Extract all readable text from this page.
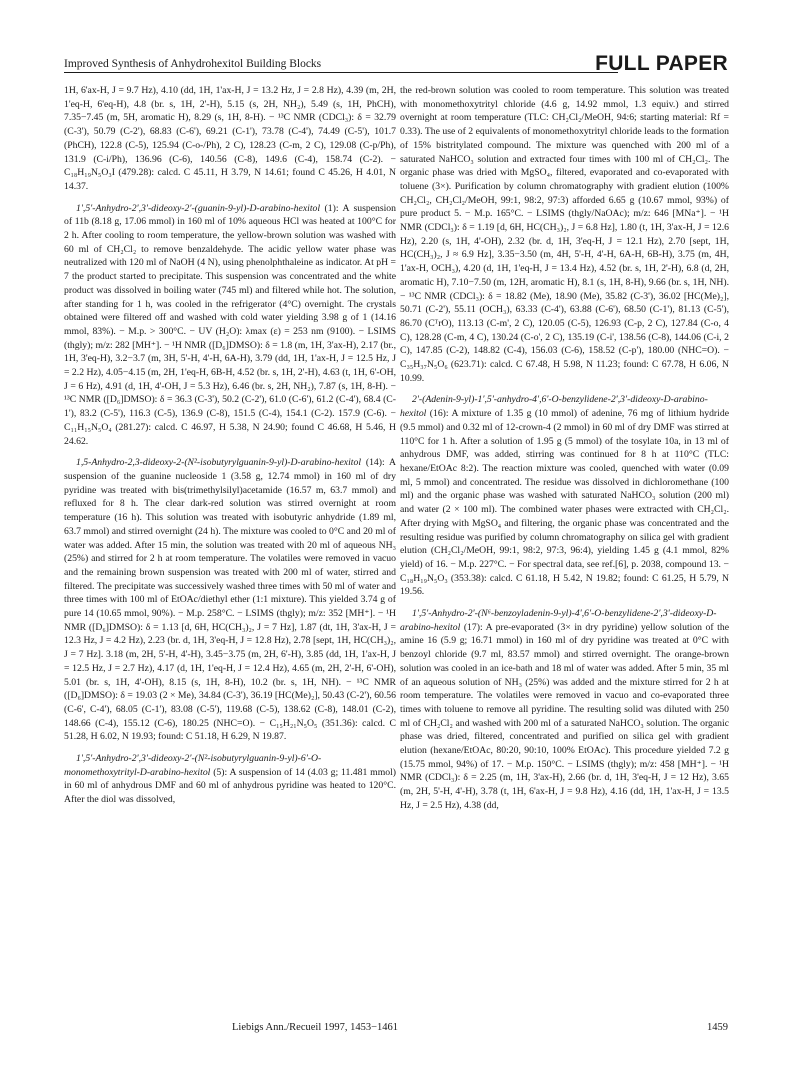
Improved Synthesis of Anhydrohexitol Building Blocks	FULL PAPER

1H, 6'ax-H, J = 9.7 Hz), 4.10 (dd, 1H, 1'ax-H, J = 13.2 Hz, J = 2.8 Hz), 4.39 (m, 2H, 1'eq-H, 6'eq-H), 4.8 (br. s, 1H, 2'-H), 5.15 (s, 2H, NH₂), 5.49 (s, 1H, PhCH), 7.35−7.45 (m, 5H, aromatic H), 8.29 (s, 1H, 8-H). − ¹³C NMR (CDCl₃): δ = 32.79 (C-3'), 50.79 (C-2'), 68.83 (C-6'), 69.21 (C-1'), 73.78 (C-4'), 74.49 (C-5'), 101.7 (PhCH), 122.8 (C-5), 125.94 (C-o-/Ph), 2 C), 128.23 (C-m, 2 C), 129.08 (C-p/Ph), 131.9 (C-i/Ph), 136.96 (C-6), 140.56 (C-8), 149.6 (C-4), 158.74 (C-2). − C₁₈H₁₉N₅O₃I (479.28): calcd. C 45.11, H 3.79, N 14.61; found C 45.26, H 4.01, N 14.37.

1',5'-Anhydro-2',3'-dideoxy-2'-(guanin-9-yl)-D-arabino-hexitol (1): A suspension of 11b (8.18 g, 17.06 mmol) in 160 ml of 10% aqueous HCl was heated at 100°C for 2 h. After cooling to room temperature, the yellow-brown solution was washed with 60 ml of CH₂Cl₂ to remove benzaldehyde. The acidic yellow water phase was neutralized with 120 ml of NaOH (4 N), using phenolphthaleine as indicator. At pH = 7 the product started to precipitate. This suspension was concentrated and the white product was dissolved in boiling water (745 ml) and filtered while hot. The solution, after standing for 1 h, was cooled in the refrigerator (4°C) overnight. The crystals obtained were filtered off and washed with cold water yielding 3.98 g of 1 (14.16 mmol, 83%). − M.p. > 300°C. − UV (H₂O): λmax (ε) = 253 nm (9100). − LSIMS (thgly); m/z: 282 [MH⁺]. − ¹H NMR ([D₆]DMSO): δ = 1.8 (m, 1H, 3'ax-H), 2.17 (br., 1H, 3'eq-H), 3.2−3.7 (m, 3H, 5'-H, 4'-H, 6A-H), 3.79 (dd, 1H, 1'ax-H, J = 12.5 Hz, J = 2.2 Hz), 4.05−4.15 (m, 2H, 1'eq-H, 6B-H, 4.52 (br. s, 1H, 2'-H), 4.63 (t, 1H, 6'-OH, J = 6 Hz), 4.91 (d, 1H, 4'-OH, J = 5.3 Hz), 6.46 (br. s, 2H, NH₂), 7.87 (s, 1H, 8-H). − ¹³C NMR ([D₆]DMSO): δ = 36.3 (C-3'), 50.2 (C-2'), 61.0 (C-6'), 61.2 (C-4'), 68.4 (C-1'), 83.2 (C-5'), 116.3 (C-5), 136.9 (C-8), 151.5 (C-4), 154.1 (C-2). 157.9 (C-6). − C₁₁H₁₅N₅O₄ (281.27): calcd. C 46.97, H 5.38, N 24.90; found C 46.68, H 5.46, H 24.62.

1,5-Anhydro-2,3-dideoxy-2-(N²-isobutyrylguanin-9-yl)-D-arabino-hexitol (14): A suspension of the guanine nucleoside 1 (3.58 g, 12.74 mmol) in 160 ml of dry pyridine was treated with bis(trimethylsilyl)acetamide (16.57 m, 63.7 mmol) and refluxed for 8 h. The clear dark-red solution was stirred overnight at room temperature (16 h). This solution was treated with isobutyric anhydride (1.89 ml, 63.7 mmol) and stirred overnight (24 h). The mixture was cooled to 0°C and 20 ml of water was added. After 15 min, the solution was treated with 20 ml of aqueous NH₃ (25%) and stirred for 2 h at room temperature. The volatiles were removed in vacuo and the remaining brown suspension was treated with 200 ml of water, stirred and filtered. The precipitate was successively washed three times with 50 ml of water and three times with 100 ml of EtOAc/diethyl ether (1:1 mixture). This yielded 3.74 g of pure 14 (10.65 mmol, 90%). − M.p. 258°C. − LSIMS (thgly); m/z: 352 [MH⁺]. − ¹H NMR ([D₆]DMSO): δ = 1.13 [d, 6H, HC(CH₃)₂, J = 7 Hz], 1.87 (dt, 1H, 3'ax-H, J = 12.3 Hz, J = 4.2 Hz), 2.23 (br. d, 1H, 3'eq-H, J = 12.8 Hz), 2.78 [sept, 1H, HC(CH₃)₂, J = 7 Hz]. 3.18 (m, 2H, 5'-H, 4'-H), 3.45−3.75 (m, 2H, 6'-H), 3.85 (dd, 1H, 1'ax-H, J = 12.5 Hz, J = 2.7 Hz), 4.17 (d, 1H, 1'eq-H, J = 12.4 Hz), 4.65 (m, 2H, 2'-H, 6'-OH), 5.01 (br. s, 1H, 4'-OH), 8.15 (s, 1H, 8-H), 10.2 (br. s, 1H, NH). − ¹³C NMR ([D₆]DMSO): δ = 19.03 (2 × Me), 34.84 (C-3'), 36.19 [HC(Me)₂], 50.43 (C-2'), 60.56 (C-6', C-4'), 68.05 (C-1'), 83.08 (C-5'), 119.68 (C-5), 138.62 (C-8), 148.01 (C-2), 148.66 (C-4), 155.12 (C-6), 180.25 (NHC=O). − C₁₅H₂₁N₅O₅ (351.36): calcd. C 51.28, H 6.02, N 19.93; found: C 51.18, H 6.29, N 19.87.

1',5'-Anhydro-2',3'-dideoxy-2'-(N²-isobutyrylguanin-9-yl)-6'-O-monomethoxytrityl-D-arabino-hexitol (5): A suspension of 14 (4.03 g; 11.481 mmol) in 60 ml of anhydrous DMF and 60 ml of anhydrous pyridine was heated to 120°C. After the diol was dissolved,

the red-brown solution was cooled to room temperature. This solution was treated with monomethoxytrityl chloride (4.6 g, 14.92 mmol, 1.3 equiv.) and stirred overnight at room temperature (TLC: CH₂Cl₂/MeOH, 94:6; starting material: Rf = 0.33). The use of 2 equivalents of monomethoxytrityl chloride leads to the formation of 15% bistritylated compound. The mixture was quenched with 200 ml of a saturated NaHCO₃ solution and extracted four times with 100 ml of CH₂Cl₂. The organic phase was dried with MgSO₄, filtered, evaporated and co-evaporated with toluene (3×). Purification by column chromatography with gradient elution (100% CH₂Cl₂, CH₂Cl₂/MeOH, 99:1, 98:2, 97:3) afforded 6.65 g (10.67 mmol, 93%) of pure product 5. − M.p. 165°C. − LSIMS (thgly/NaOAc); m/z: 646 [MNa⁺]. − ¹H NMR (CDCl₃): δ = 1.19 [d, 6H, HC(CH₃)₂, J = 6.8 Hz], 1.80 (t, 1H, 3'ax-H, J = 12.6 Hz), 2.20 (s, 1H, 4'-OH), 2.32 (br. d, 1H, 3'eq-H, J = 12.1 Hz), 2.70 [sept, 1H, HC(CH₃)₂, J ≈ 6.9 Hz], 3.35−3.50 (m, 4H, 5'-H, 4'-H, 6A-H, 6B-H), 3.75 (m, 4H, 1'ax-H, OCH₃), 4.20 (d, 1H, 1'eq-H, J = 13.4 Hz), 4.52 (br. s, 1H, 2'-H), 6.8 (d, 2H, aromatic H), 7.10−7.50 (m, 12H, aromatic H), 8.1 (s, 1H, 8-H), 9.66 (br. s, 1H, NH). − ¹³C NMR (CDCl₃): δ = 18.82 (Me), 18.90 (Me), 35.82 (C-3'), 36.02 [HC(Me)₂], 50.71 (C-2'), 55.11 (OCH₃), 63.33 (C-4'), 63.88 (C-6'), 68.50 (C-1'), 81.13 (C-5'), 86.70 (CᵀrO), 113.13 (C-m', 2 C), 120.05 (C-5), 126.93 (C-p, 2 C), 127.84 (C-o, 4 C), 128.28 (C-m, 4 C), 130.24 (C-o', 2 C), 135.19 (C-i', 138.56 (C-8), 144.06 (C-i, 2 C), 147.85 (C-2), 148.82 (C-4), 156.03 (C-6), 158.52 (C-p'), 180.00 (NHC=O). − C₃₅H₃₇N₅O₆ (623.71): calcd. C 67.48, H 5.98, N 11.23; found: C 67.78, H 6.06, N 10.99.

2'-(Adenin-9-yl)-1',5'-anhydro-4',6'-O-benzylidene-2',3'-dideoxy-D-arabino-hexitol (16): A mixture of 1.35 g (10 mmol) of adenine, 76 mg of lithium hydride (9.5 mmol) and 0.32 ml of 12-crown-4 (2 mmol) in 60 ml of dry DMF was stirred at 110°C for 1 h. After a solution of 1.95 g (5 mmol) of the tosylate 10a, in 13 ml of anhydrous DMF, was added, stirring was continued for 8 h at 110°C (TLC: hexane/EtOAc 8:2). The reaction mixture was cooled, quenched with water (0.09 ml, 5 mmol) and concentrated. The residue was dissolved in dichloromethane (100 ml) and the organic phase was washed with saturated NaHCO₃ solution (200 ml) and water (2 × 100 ml). The combined water phases were extracted with CH₂Cl₂. After drying with MgSO₄ and filtering, the organic phase was concentrated and the resulting residue was purified by column chromatography on silica gel with gradient elution (CH₂Cl₂/MeOH, 99:1, 98:2, 97:3, 96:4), yielding 1.45 g (4.1 mmol, 82% yield) of 16. − M.p. 227°C. − For spectral data, see ref.[6], p. 2038, compound 13. − C₁₈H₁₉N₅O₃ (353.38): calcd. C 61.18, H 5.42, N 19.82; found: C 61.25, H 5.79, N 19.56.

1',5'-Anhydro-2'-(N⁶-benzoyladenin-9-yl)-4',6'-O-benzylidene-2',3'-dideoxy-D-arabino-hexitol (17): A pre-evaporated (3× in dry pyridine) yellow solution of the amine 16 (5.9 g; 16.71 mmol) in 160 ml of dry pyridine was treated at 0°C with benzoyl chloride (9.7 ml, 83.57 mmol) and stirred overnight. The orange-brown solution was cooled in an ice-bath and 18 ml of water was added. After 5 min, 35 ml of an aqueous solution of NH₃ (25%) was added and the mixture stirred for 2 h at room temperature. The volatiles were removed in vacuo and co-evaporated three times with toluene to remove all pyridine. The resulting solid was diluted with 250 ml of CH₂Cl₂ and washed with 200 ml of a saturated NaHCO₃ solution. The organic phase was dried, filtered, concentrated and purified on silica gel with gradient elution (hexane/EtOAc, 80:20, 90:10, 100% EtOAc). This procedure yielded 7.2 g (15.75 mmol, 94%) of 17. − M.p. 150°C. − LSIMS (thgly); m/z: 458 [MH⁺]. − ¹H NMR (CDCl₃): δ = 2.25 (m, 1H, 3'ax-H), 2.66 (br. d, 1H, 3'eq-H, J = 12 Hz), 3.65 (m, 2H, 5'-H, 4'-H), 3.78 (t, 1H, 6'ax-H, J = 9.8 Hz), 4.16 (dd, 1H, 1'ax-H, J = 13.5 Hz, J = 2.5 Hz), 4.38 (dd,

Liebigs Ann./Recueil 1997, 1453−1461	1459
